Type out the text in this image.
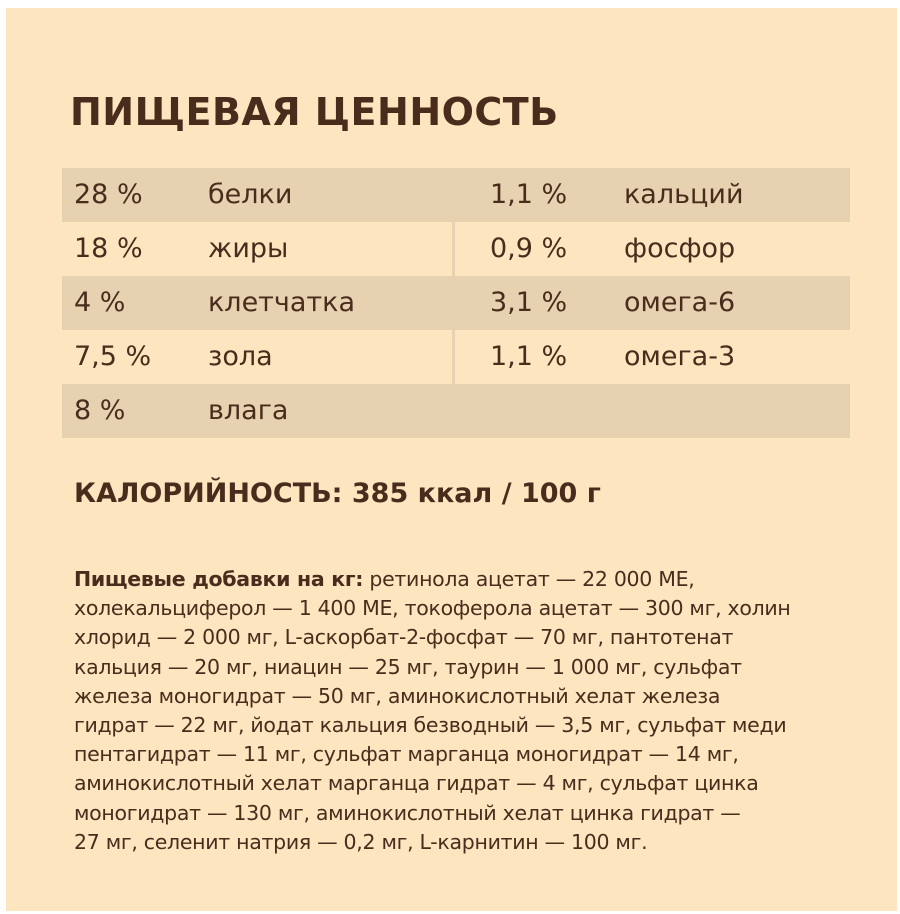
ПИЩЕВАЯ ЦЕННОСТЬ
28 % белки	1,1 % кальций
18 % жиры	0,9 % фосфор
4 %	клетчатка	3,1 % омега-6
7,5 % зола	1,1 % омега-3
8 %	влага
КАЛОРИЙНОСТЬ: 385 ккал / 100 г
Пищевые добавки на кг: ретинола ацетат — 22 000 МЕ,
холекальциферол — 1 400 МЕ, токоферола ацетат — 300 мг, холин
хлорид — 2 000 мг, L-аскорбат-2-фосфат — 70 мг, пантотенат
кальция — 20 мг, ниацин — 25 мг, таурин — 1 000 мг, сульфат
железа моногидрат — 50 мг, аминокислотный хелат железа
гидрат — 22 мг, йодат кальция безводный — 3,5 мг, сульфат меди
пентагидрат — 11 мг, сульфат марганца моногидрат — 14 мг,
аминокислотный хелат марганца гидрат — 4 мг, сульфат цинка
моногидрат — 130 мг, аминокислотный хелат цинка гидрат —
27 мг, селенит натрия — 0,2 мг, L-карнитин — 100 мг.
